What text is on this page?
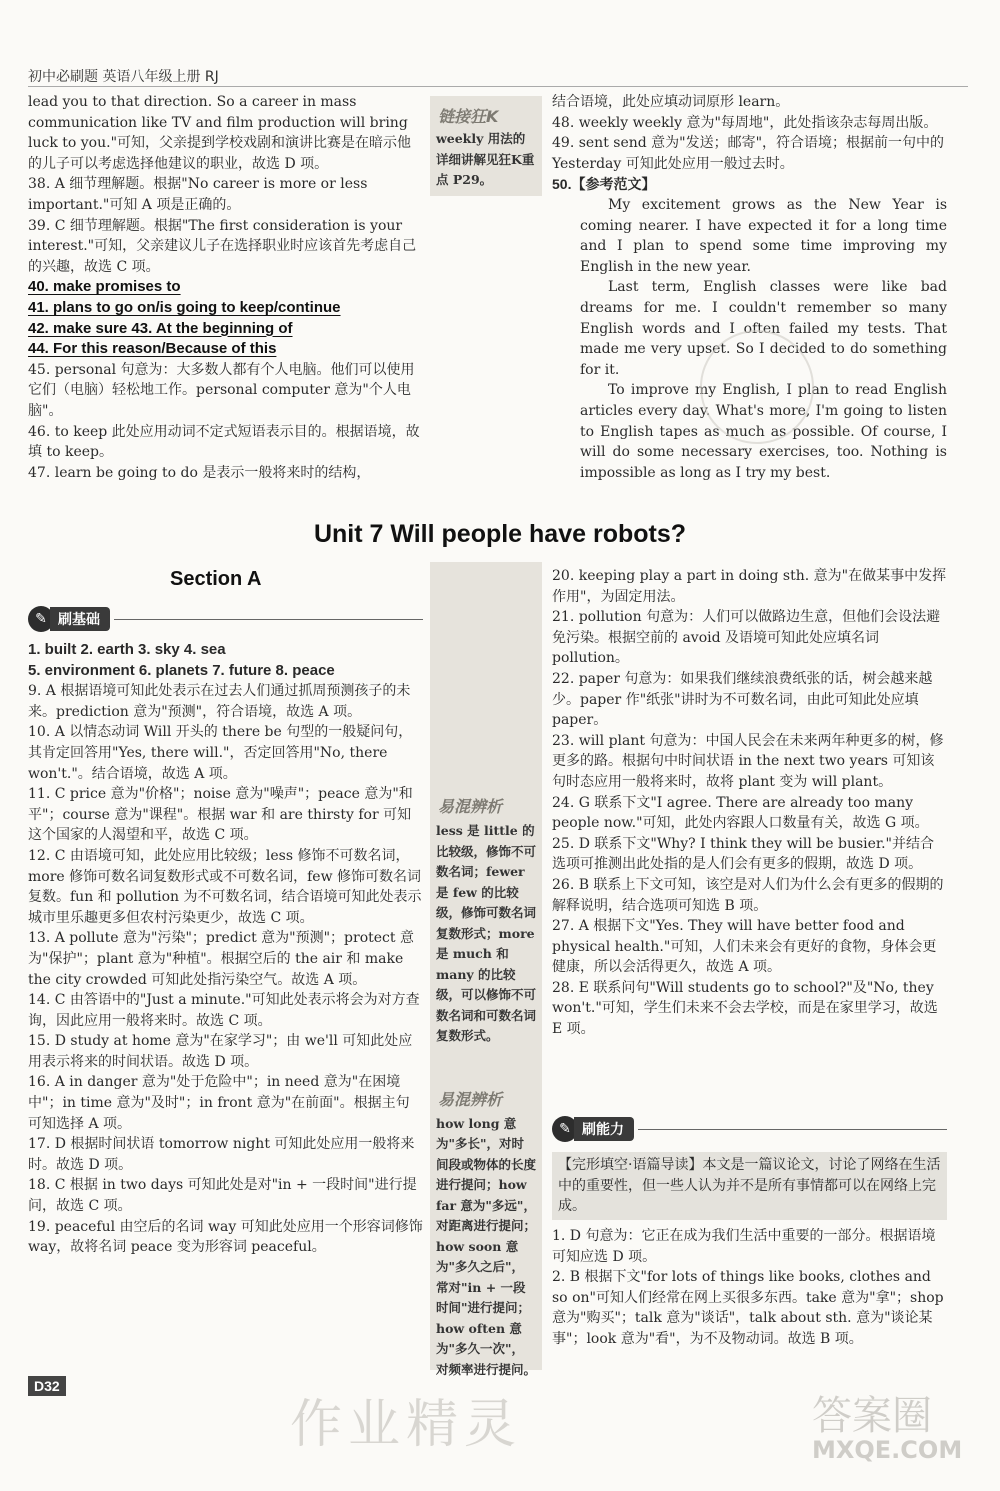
初中必刷题 英语八年级上册 RJ

lead you to that direction. So a career in mass communication like TV and film production will bring luck to you."可知，父亲提到学校戏剧和演讲比赛是在暗示他的儿子可以考虑选择他建议的职业，故选 D 项。

38. A 细节理解题。根据"No career is more or less important."可知 A 项是正确的。

39. C 细节理解题。根据"The first consideration is your interest."可知，父亲建议儿子在选择职业时应该首先考虑自己的兴趣，故选 C 项。

40. make promises to

41. plans to go on/is going to keep/continue

42. make sure 43. At the beginning of

44. For this reason/Because of this

45. personal 句意为：大多数人都有个人电脑。他们可以使用它们（电脑）轻松地工作。personal computer 意为"个人电脑"。

46. to keep 此处应用动词不定式短语表示目的。根据语境，故填 to keep。

47. learn be going to do 是表示一般将来时的结构，

链接狂K
weekly 用法的详细讲解见狂K重点 P29。

结合语境，此处应填动词原形 learn。

48. weekly weekly 意为"每周地"，此处指该杂志每周出版。

49. sent send 意为"发送；邮寄"，符合语境；根据前一句中的 Yesterday 可知此处应用一般过去时。

50.【参考范文】

My excitement grows as the New Year is coming nearer. I have expected it for a long time and I plan to spend some time improving my English in the new year.

Last term, English classes were like bad dreams for me. I couldn't remember so many English words and I often failed my tests. That made me very upset. So I decided to do something for it.

To improve my English, I plan to read English articles every day. What's more, I'm going to listen to English tapes as much as possible. Of course, I will do some necessary exercises, too. Nothing is impossible as long as I try my best.

Unit 7 Will people have robots?
Section A
✎ 刷基础

1. built 2. earth 3. sky 4. sea

5. environment 6. planets 7. future 8. peace

9. A 根据语境可知此处表示在过去人们通过抓周预测孩子的未来。prediction 意为"预测"，符合语境，故选 A 项。

10. A 以情态动词 Will 开头的 there be 句型的一般疑问句，其肯定回答用"Yes, there will."，否定回答用"No, there won't."。结合语境，故选 A 项。

11. C price 意为"价格"；noise 意为"噪声"；peace 意为"和平"；course 意为"课程"。根据 war 和 are thirsty for 可知这个国家的人渴望和平，故选 C 项。

12. C 由语境可知，此处应用比较级；less 修饰不可数名词，more 修饰可数名词复数形式或不可数名词，few 修饰可数名词复数。fun 和 pollution 为不可数名词，结合语境可知此处表示城市里乐趣更多但农村污染更少，故选 C 项。

13. A pollute 意为"污染"；predict 意为"预测"；protect 意为"保护"；plant 意为"种植"。根据空后的 the air 和 make the city crowded 可知此处指污染空气。故选 A 项。

14. C 由答语中的"Just a minute."可知此处表示将会为对方查询，因此应用一般将来时。故选 C 项。

15. D study at home 意为"在家学习"；由 we'll 可知此处应用表示将来的时间状语。故选 D 项。

16. A in danger 意为"处于危险中"；in need 意为"在困境中"；in time 意为"及时"；in front 意为"在前面"。根据主句可知选择 A 项。

17. D 根据时间状语 tomorrow night 可知此处应用一般将来时。故选 D 项。

18. C 根据 in two days 可知此处是对"in + 一段时间"进行提问，故选 C 项。

19. peaceful 由空后的名词 way 可知此处应用一个形容词修饰 way，故将名词 peace 变为形容词 peaceful。

易混辨析
less 是 little 的比较级，修饰不可数名词；fewer 是 few 的比较级，修饰可数名词复数形式；more 是 much 和 many 的比较级，可以修饰不可数名词和可数名词复数形式。
易混辨析
how long 意为"多长"，对时间段或物体的长度进行提问；how far 意为"多远"，对距离进行提问；how soon 意为"多久之后"，常对"in + 一段时间"进行提问；how often 意为"多久一次"，对频率进行提问。

20. keeping play a part in doing sth. 意为"在做某事中发挥作用"，为固定用法。

21. pollution 句意为：人们可以做路边生意，但他们会设法避免污染。根据空前的 avoid 及语境可知此处应填名词 pollution。

22. paper 句意为：如果我们继续浪费纸张的话，树会越来越少。paper 作"纸张"讲时为不可数名词，由此可知此处应填 paper。

23. will plant 句意为：中国人民会在未来两年种更多的树，修更多的路。根据句中时间状语 in the next two years 可知该句时态应用一般将来时，故将 plant 变为 will plant。

24. G 联系下文"I agree. There are already too many people now."可知，此处内容跟人口数量有关，故选 G 项。

25. D 联系下文"Why? I think they will be busier."并结合选项可推测出此处指的是人们会有更多的假期，故选 D 项。

26. B 联系上下文可知，该空是对人们为什么会有更多的假期的解释说明，结合选项可知选 B 项。

27. A 根据下文"Yes. They will have better food and physical health."可知，人们未来会有更好的食物，身体会更健康，所以会活得更久，故选 A 项。

28. E 联系问句"Will students go to school?"及"No, they won't."可知，学生们未来不会去学校，而是在家里学习，故选 E 项。

✎ 刷能力
【完形填空·语篇导读】本文是一篇议论文，讨论了网络在生活中的重要性，但一些人认为并不是所有事情都可以在网络上完成。

1. D 句意为：它正在成为我们生活中重要的一部分。根据语境可知应选 D 项。

2. B 根据下文"for lots of things like books, clothes and so on"可知人们经常在网上买很多东西。take 意为"拿"；shop 意为"购买"；talk 意为"谈话"，talk about sth. 意为"谈论某事"；look 意为"看"，为不及物动词。故选 B 项。

D32
作业精灵	答案圈
MXQE.COM
